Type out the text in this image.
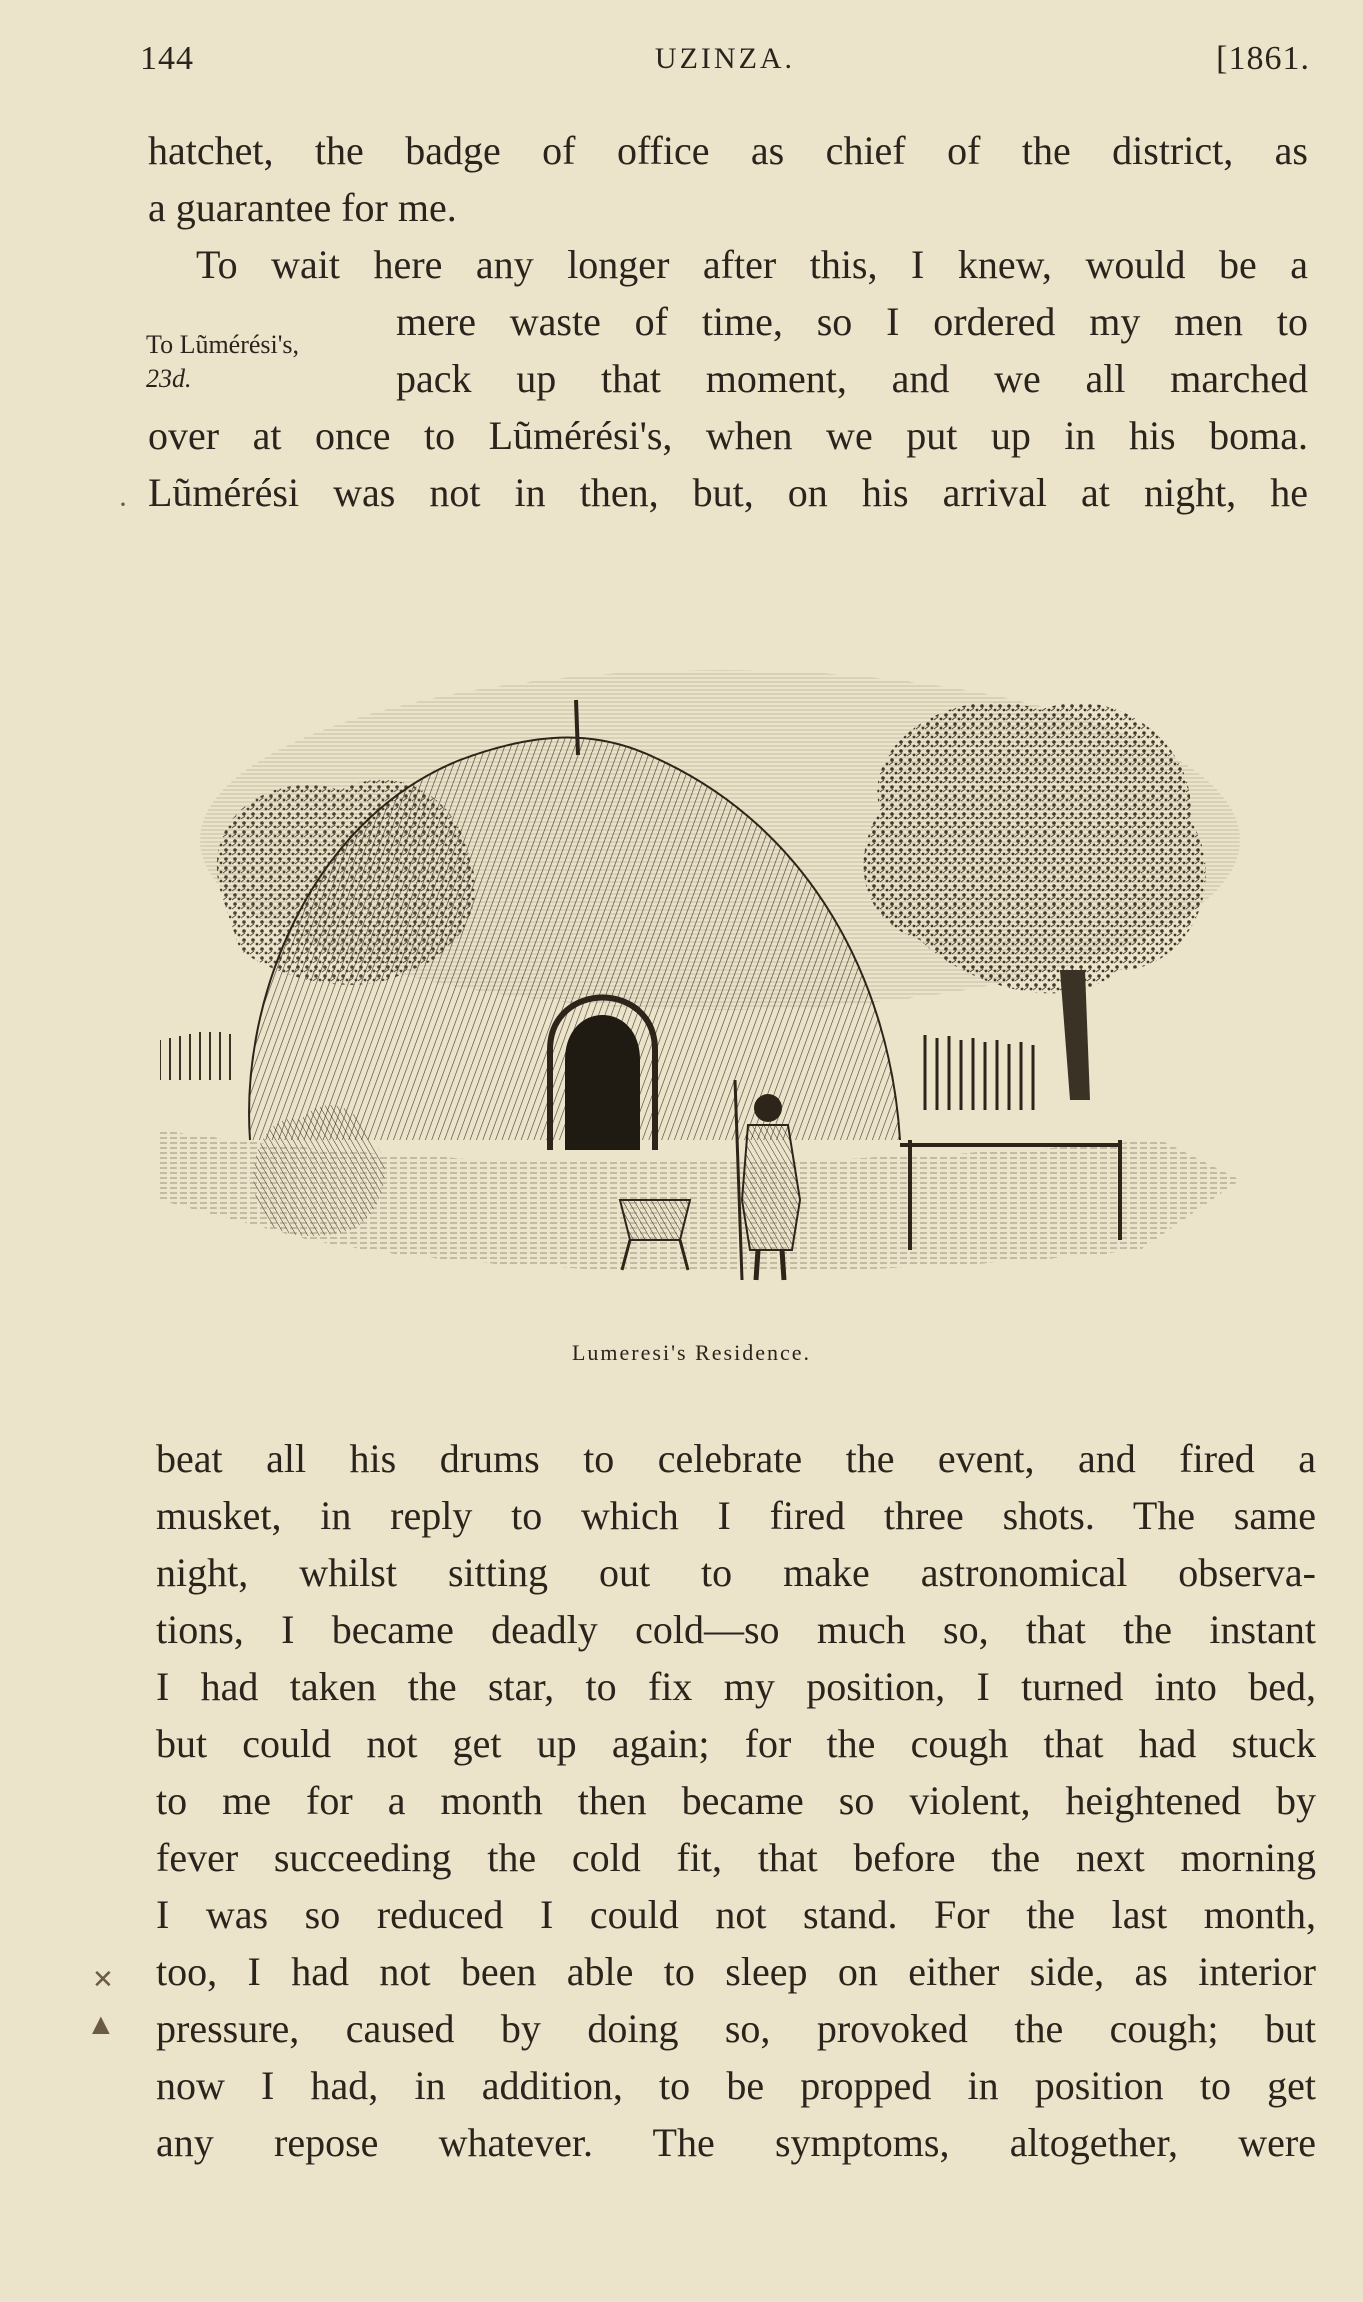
144	UZINZA.	[1861.
hatchet, the badge of office as chief of the district, as
a guarantee for me.
To wait here any longer after this, I knew, would be a
mere waste of time, so I ordered my men to
pack up that moment, and we all marched
over at once to Lũmérési's, when we put up in his boma.
Lũmérési was not in then, but, on his arrival at night, he
To Lũmérési's,
23d.
Lumeresi's Residence.
beat all his drums to celebrate the event, and fired a
musket, in reply to which I fired three shots. The same
night, whilst sitting out to make astronomical observa-
tions, I became deadly cold—so much so, that the instant
I had taken the star, to fix my position, I turned into bed,
but could not get up again; for the cough that had stuck
to me for a month then became so violent, heightened by
fever succeeding the cold fit, that before the next morning
I was so reduced I could not stand. For the last month,
too, I had not been able to sleep on either side, as interior
pressure, caused by doing so, provoked the cough; but
now I had, in addition, to be propped in position to get
any repose whatever. The symptoms, altogether, were
·
✕
▲
